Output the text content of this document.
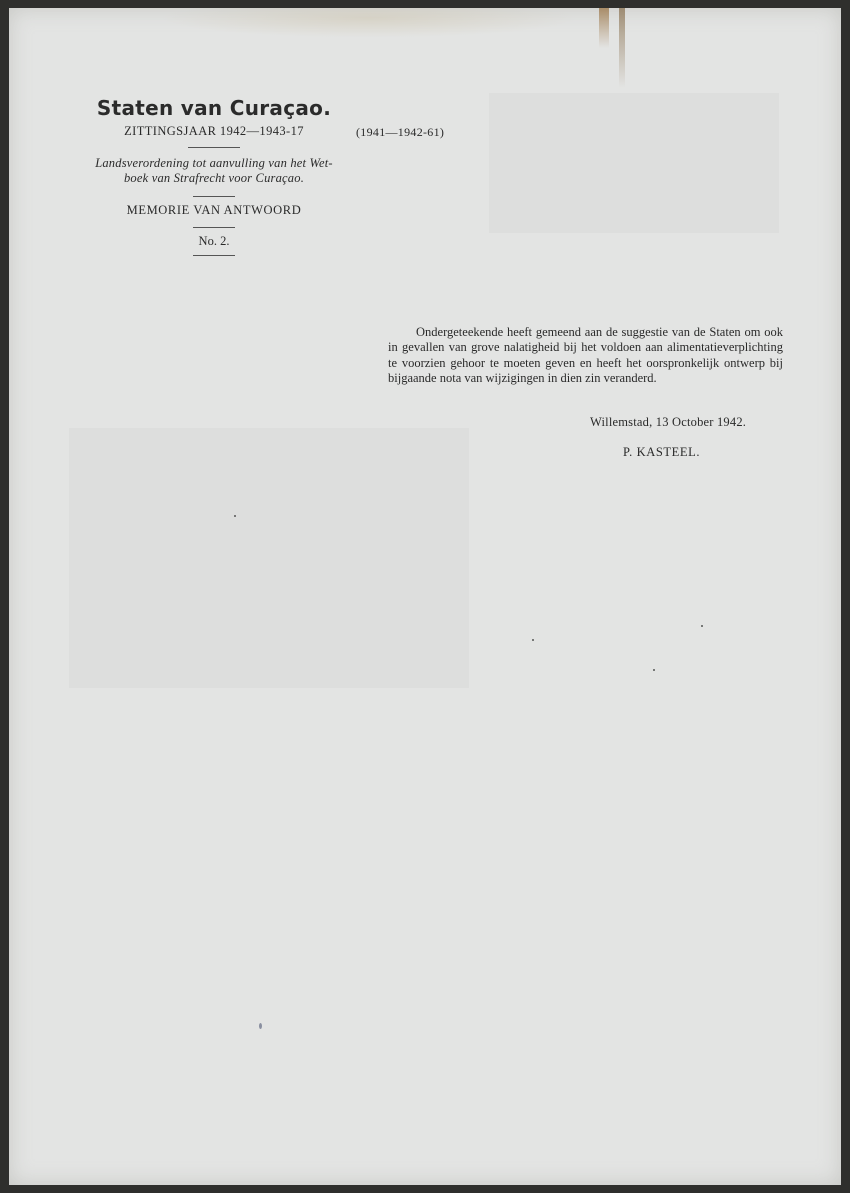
Staten van Curaçao.
ZITTINGSJAAR 1942—1943-17
Landsverordening tot aanvulling van het Wet-
boek van Strafrecht voor Curaçao.
MEMORIE VAN ANTWOORD
No. 2.
(1941—1942-61)

Ondergeteekende heeft gemeend aan de suggestie van de Staten om ook in gevallen van grove nalatigheid bij het voldoen aan alimentatieverplichting te voorzien gehoor te moeten geven en heeft het oorspronkelijk ontwerp bij bijgaande nota van wijzigingen in dien zin veranderd.

Willemstad, 13 October 1942.
P. KASTEEL.
